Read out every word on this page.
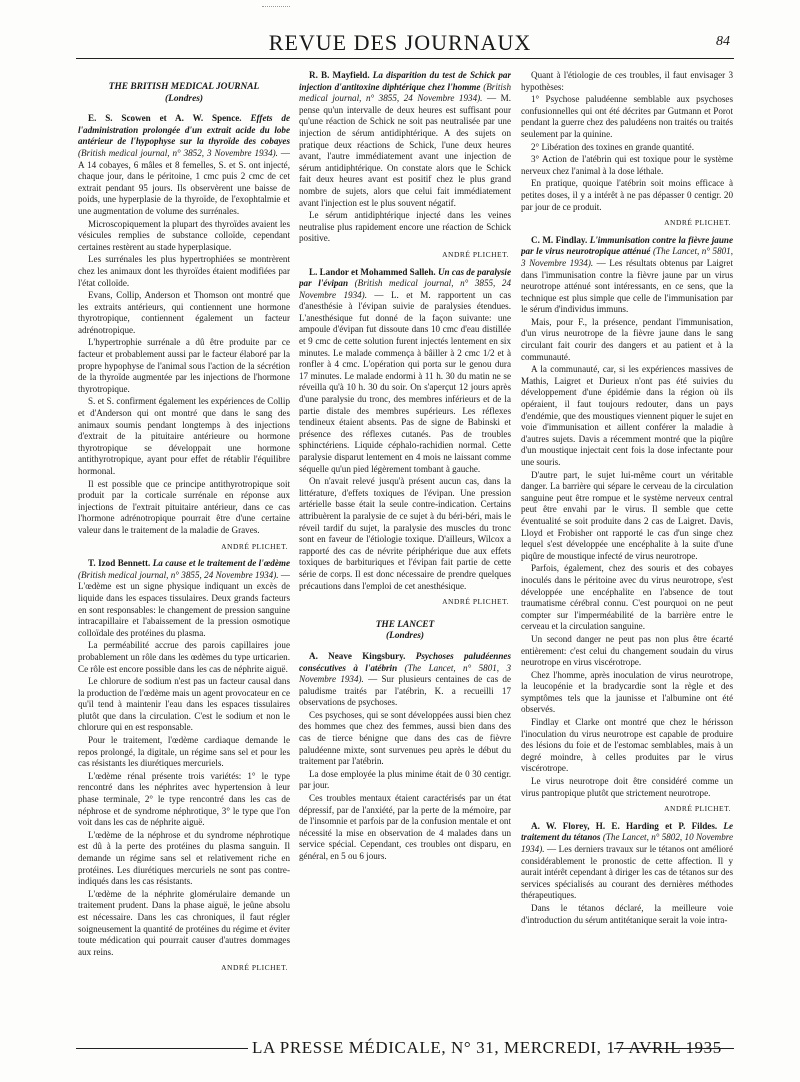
REVUE DES JOURNAUX	84
THE BRITISH MEDICAL JOURNAL
(Londres)

E. S. Scowen et A. W. Spence. Effets de l'administration prolongée d'un extrait acide du lobe antérieur de l'hypophyse sur la thyroïde des cobayes (British medical journal, n° 3852, 3 Novembre 1934). — A 14 cobayes, 6 mâles et 8 femelles, S. et S. ont injecté, chaque jour, dans le péritoine, 1 cmc puis 2 cmc de cet extrait pendant 95 jours. Ils observèrent une baisse de poids, une hyperplasie de la thyroïde, de l'exophtalmie et une augmentation de volume des surrénales.

Microscopiquement la plupart des thyroïdes avaient les vésicules remplies de substance colloïde, cependant certaines restèrent au stade hyperplasique.

Les surrénales les plus hypertrophiées se montrèrent chez les animaux dont les thyroïdes étaient modifiées par l'état colloïde.

Evans, Collip, Anderson et Thomson ont montré que les extraits antérieurs, qui contiennent une hormone thyrotropique, contiennent également un facteur adrénotropique.

L'hypertrophie surrénale a dû être produite par ce facteur et probablement aussi par le facteur élaboré par la propre hypophyse de l'animal sous l'action de la sécrétion de la thyroïde augmentée par les injections de l'hormone thyrotropique.

S. et S. confirment également les expériences de Collip et d'Anderson qui ont montré que dans le sang des animaux soumis pendant longtemps à des injections d'extrait de la pituitaire antérieure ou hormone thyrotropique se développait une hormone antithyrotropique, ayant pour effet de rétablir l'équilibre hormonal.

Il est possible que ce principe antithyrotropique soit produit par la corticale surrénale en réponse aux injections de l'extrait pituitaire antérieur, dans ce cas l'hormone adrénotropique pourrait être d'une certaine valeur dans le traitement de la maladie de Graves.

ANDRÉ PLICHET.

T. Izod Bennett. La cause et le traitement de l'œdème (British medical journal, n° 3855, 24 Novembre 1934). — L'œdème est un signe physique indiquant un excès de liquide dans les espaces tissulaires. Deux grands facteurs en sont responsables: le changement de pression sanguine intracapillaire et l'abaissement de la pression osmotique colloïdale des protéines du plasma.

La perméabilité accrue des parois capillaires joue probablement un rôle dans les œdèmes du type urticarien. Ce rôle est encore possible dans les cas de néphrite aiguë.

Le chlorure de sodium n'est pas un facteur causal dans la production de l'œdème mais un agent provocateur en ce qu'il tend à maintenir l'eau dans les espaces tissulaires plutôt que dans la circulation. C'est le sodium et non le chlorure qui en est responsable.

Pour le traitement, l'œdème cardiaque demande le repos prolongé, la digitale, un régime sans sel et pour les cas résistants les diurétiques mercuriels.

L'œdème rénal présente trois variétés: 1° le type rencontré dans les néphrites avec hypertension à leur phase terminale, 2° le type rencontré dans les cas de néphrose et de syndrome néphrotique, 3° le type que l'on voit dans les cas de néphrite aiguë.

L'œdème de la néphrose et du syndrome néphrotique est dû à la perte des protéines du plasma sanguin. Il demande un régime sans sel et relativement riche en protéines. Les diurétiques mercuriels ne sont pas contre-indiqués dans les cas résistants.

L'œdème de la néphrite glomérulaire demande un traitement prudent. Dans la phase aiguë, le jeûne absolu est nécessaire. Dans les cas chroniques, il faut régler soigneusement la quantité de protéines du régime et éviter toute médication qui pourrait causer d'autres dommages aux reins.

ANDRÉ PLICHET.

R. B. Mayfield. La disparition du test de Schick par injection d'antitoxine diphtérique chez l'homme (British medical journal, n° 3855, 24 Novembre 1934). — M. pense qu'un intervalle de deux heures est suffisant pour qu'une réaction de Schick ne soit pas neutralisée par une injection de sérum antidiphtérique. A des sujets on pratique deux réactions de Schick, l'une deux heures avant, l'autre immédiatement avant une injection de sérum antidiphtérique. On constate alors que le Schick fait deux heures avant est positif chez le plus grand nombre de sujets, alors que celui fait immédiatement avant l'injection est le plus souvent négatif.

Le sérum antidiphtérique injecté dans les veines neutralise plus rapidement encore une réaction de Schick positive.

ANDRÉ PLICHET.

L. Landor et Mohammed Salleh. Un cas de paralysie par l'évipan (British medical journal, n° 3855, 24 Novembre 1934). — L. et M. rapportent un cas d'anesthésie à l'évipan suivie de paralysies étendues. L'anesthésique fut donné de la façon suivante: une ampoule d'évipan fut dissoute dans 10 cmc d'eau distillée et 9 cmc de cette solution furent injectés lentement en six minutes. Le malade commença à bâiller à 2 cmc 1/2 et à ronfler à 4 cmc. L'opération qui porta sur le genou dura 17 minutes. Le malade endormi à 11 h. 30 du matin ne se réveilla qu'à 10 h. 30 du soir. On s'aperçut 12 jours après d'une paralysie du tronc, des membres inférieurs et de la partie distale des membres supérieurs. Les réflexes tendineux étaient absents. Pas de signe de Babinski et présence des réflexes cutanés. Pas de troubles sphinctériens. Liquide céphalo-rachidien normal. Cette paralysie disparut lentement en 4 mois ne laissant comme séquelle qu'un pied légèrement tombant à gauche.

On n'avait relevé jusqu'à présent aucun cas, dans la littérature, d'effets toxiques de l'évipan. Une pression artérielle basse était la seule contre-indication. Certains attribuèrent la paralysie de ce sujet à du béri-béri, mais le réveil tardif du sujet, la paralysie des muscles du tronc sont en faveur de l'étiologie toxique. D'ailleurs, Wilcox a rapporté des cas de névrite périphérique due aux effets toxiques de barbituriques et l'évipan fait partie de cette série de corps. Il est donc nécessaire de prendre quelques précautions dans l'emploi de cet anesthésique.

ANDRÉ PLICHET.
THE LANCET
(Londres)

A. Neave Kingsbury. Psychoses paludéennes consécutives à l'atébrin (The Lancet, n° 5801, 3 Novembre 1934). — Sur plusieurs centaines de cas de paludisme traités par l'atébrin, K. a recueilli 17 observations de psychoses.

Ces psychoses, qui se sont développées aussi bien chez des hommes que chez des femmes, aussi bien dans des cas de tierce bénigne que dans des cas de fièvre paludéenne mixte, sont survenues peu après le début du traitement par l'atébrin.

La dose employée la plus minime était de 0 30 centigr. par jour.

Ces troubles mentaux étaient caractérisés par un état dépressif, par de l'anxiété, par la perte de la mémoire, par de l'insomnie et parfois par de la confusion mentale et ont nécessité la mise en observation de 4 malades dans un service spécial. Cependant, ces troubles ont disparu, en général, en 5 ou 6 jours.

Quant à l'étiologie de ces troubles, il faut envisager 3 hypothèses:

1° Psychose paludéenne semblable aux psychoses confusionnelles qui ont été décrites par Gutmann et Porot pendant la guerre chez des paludéens non traités ou traités seulement par la quinine.

2° Libération des toxines en grande quantité.

3° Action de l'atébrin qui est toxique pour le système nerveux chez l'animal à la dose léthale.

En pratique, quoique l'atébrin soit moins efficace à petites doses, il y a intérêt à ne pas dépasser 0 centigr. 20 par jour de ce produit.

ANDRÉ PLICHET.

C. M. Findlay. L'immunisation contre la fièvre jaune par le virus neurotropique atténué (The Lancet, n° 5801, 3 Novembre 1934). — Les résultats obtenus par Laigret dans l'immunisation contre la fièvre jaune par un virus neurotrope atténué sont intéressants, en ce sens, que la technique est plus simple que celle de l'immunisation par le sérum d'individus immuns.

Mais, pour F., la présence, pendant l'immunisation, d'un virus neurotrope de la fièvre jaune dans le sang circulant fait courir des dangers et au patient et à la communauté.

A la communauté, car, si les expériences massives de Mathis, Laigret et Durieux n'ont pas été suivies du développement d'une épidémie dans la région où ils opéraient, il faut toujours redouter, dans un pays d'endémie, que des moustiques viennent piquer le sujet en voie d'immunisation et aillent conférer la maladie à d'autres sujets. Davis a récemment montré que la piqûre d'un moustique injectait cent fois la dose infectante pour une souris.

D'autre part, le sujet lui-même court un véritable danger. La barrière qui sépare le cerveau de la circulation sanguine peut être rompue et le système nerveux central peut être envahi par le virus. Il semble que cette éventualité se soit produite dans 2 cas de Laigret. Davis, Lloyd et Frobisher ont rapporté le cas d'un singe chez lequel s'est développée une encéphalite à la suite d'une piqûre de moustique infecté de virus neurotrope.

Parfois, également, chez des souris et des cobayes inoculés dans le péritoine avec du virus neurotrope, s'est développée une encéphalite en l'absence de tout traumatisme cérébral connu. C'est pourquoi on ne peut compter sur l'imperméabilité de la barrière entre le cerveau et la circulation sanguine.

Un second danger ne peut pas non plus être écarté entièrement: c'est celui du changement soudain du virus neurotrope en virus viscérotrope.

Chez l'homme, après inoculation de virus neurotrope, la leucopénie et la bradycardie sont la règle et des symptômes tels que la jaunisse et l'albumine ont été observés.

Findlay et Clarke ont montré que chez le hérisson l'inoculation du virus neurotrope est capable de produire des lésions du foie et de l'estomac semblables, mais à un degré moindre, à celles produites par le virus viscérotrope.

Le virus neurotrope doit être considéré comme un virus pantropique plutôt que strictement neurotrope.

ANDRÉ PLICHET.

A. W. Florey, H. E. Harding et P. Fildes. Le traitement du tétanos (The Lancet, n° 5802, 10 Novembre 1934). — Les derniers travaux sur le tétanos ont amélioré considérablement le pronostic de cette affection. Il y aurait intérêt cependant à diriger les cas de tétanos sur des services spécialisés au courant des dernières méthodes thérapeutiques.

Dans le tétanos déclaré, la meilleure voie d'introduction du sérum antitétanique serait la voie intra-

LA PRESSE MÉDICALE, N° 31, MERCREDI, 17 AVRIL 1935
